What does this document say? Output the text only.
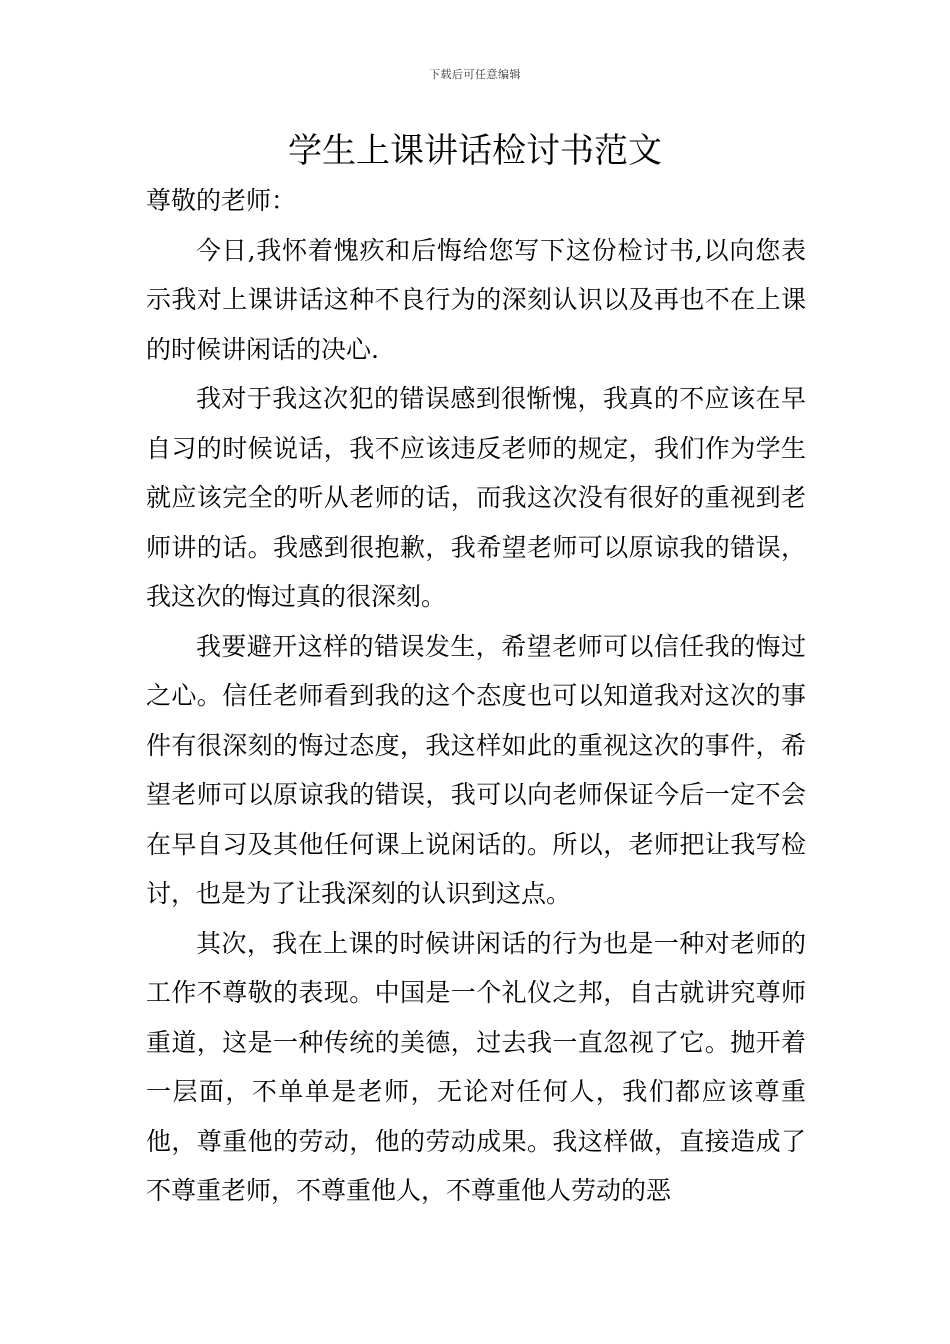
下载后可任意编辑
学生上课讲话检讨书范文

尊敬的老师：

今日,我怀着愧疚和后悔给您写下这份检讨书,以向您表示我对上课讲话这种不良行为的深刻认识以及再也不在上课的时候讲闲话的决心.

我对于我这次犯的错误感到很惭愧，我真的不应该在早自习的时候说话，我不应该违反老师的规定，我们作为学生就应该完全的听从老师的话，而我这次没有很好的重视到老师讲的话。我感到很抱歉，我希望老师可以原谅我的错误，我这次的悔过真的很深刻。

我要避开这样的错误发生，希望老师可以信任我的悔过之心。信任老师看到我的这个态度也可以知道我对这次的事件有很深刻的悔过态度，我这样如此的重视这次的事件，希望老师可以原谅我的错误，我可以向老师保证今后一定不会在早自习及其他任何课上说闲话的。所以，老师把让我写检讨，也是为了让我深刻的认识到这点。

其次，我在上课的时候讲闲话的行为也是一种对老师的工作不尊敬的表现。中国是一个礼仪之邦，自古就讲究尊师重道，这是一种传统的美德，过去我一直忽视了它。抛开着一层面，不单单是老师，无论对任何人，我们都应该尊重他，尊重他的劳动，他的劳动成果。我这样做，直接造成了不尊重老师，不尊重他人，不尊重他人劳动的恶
